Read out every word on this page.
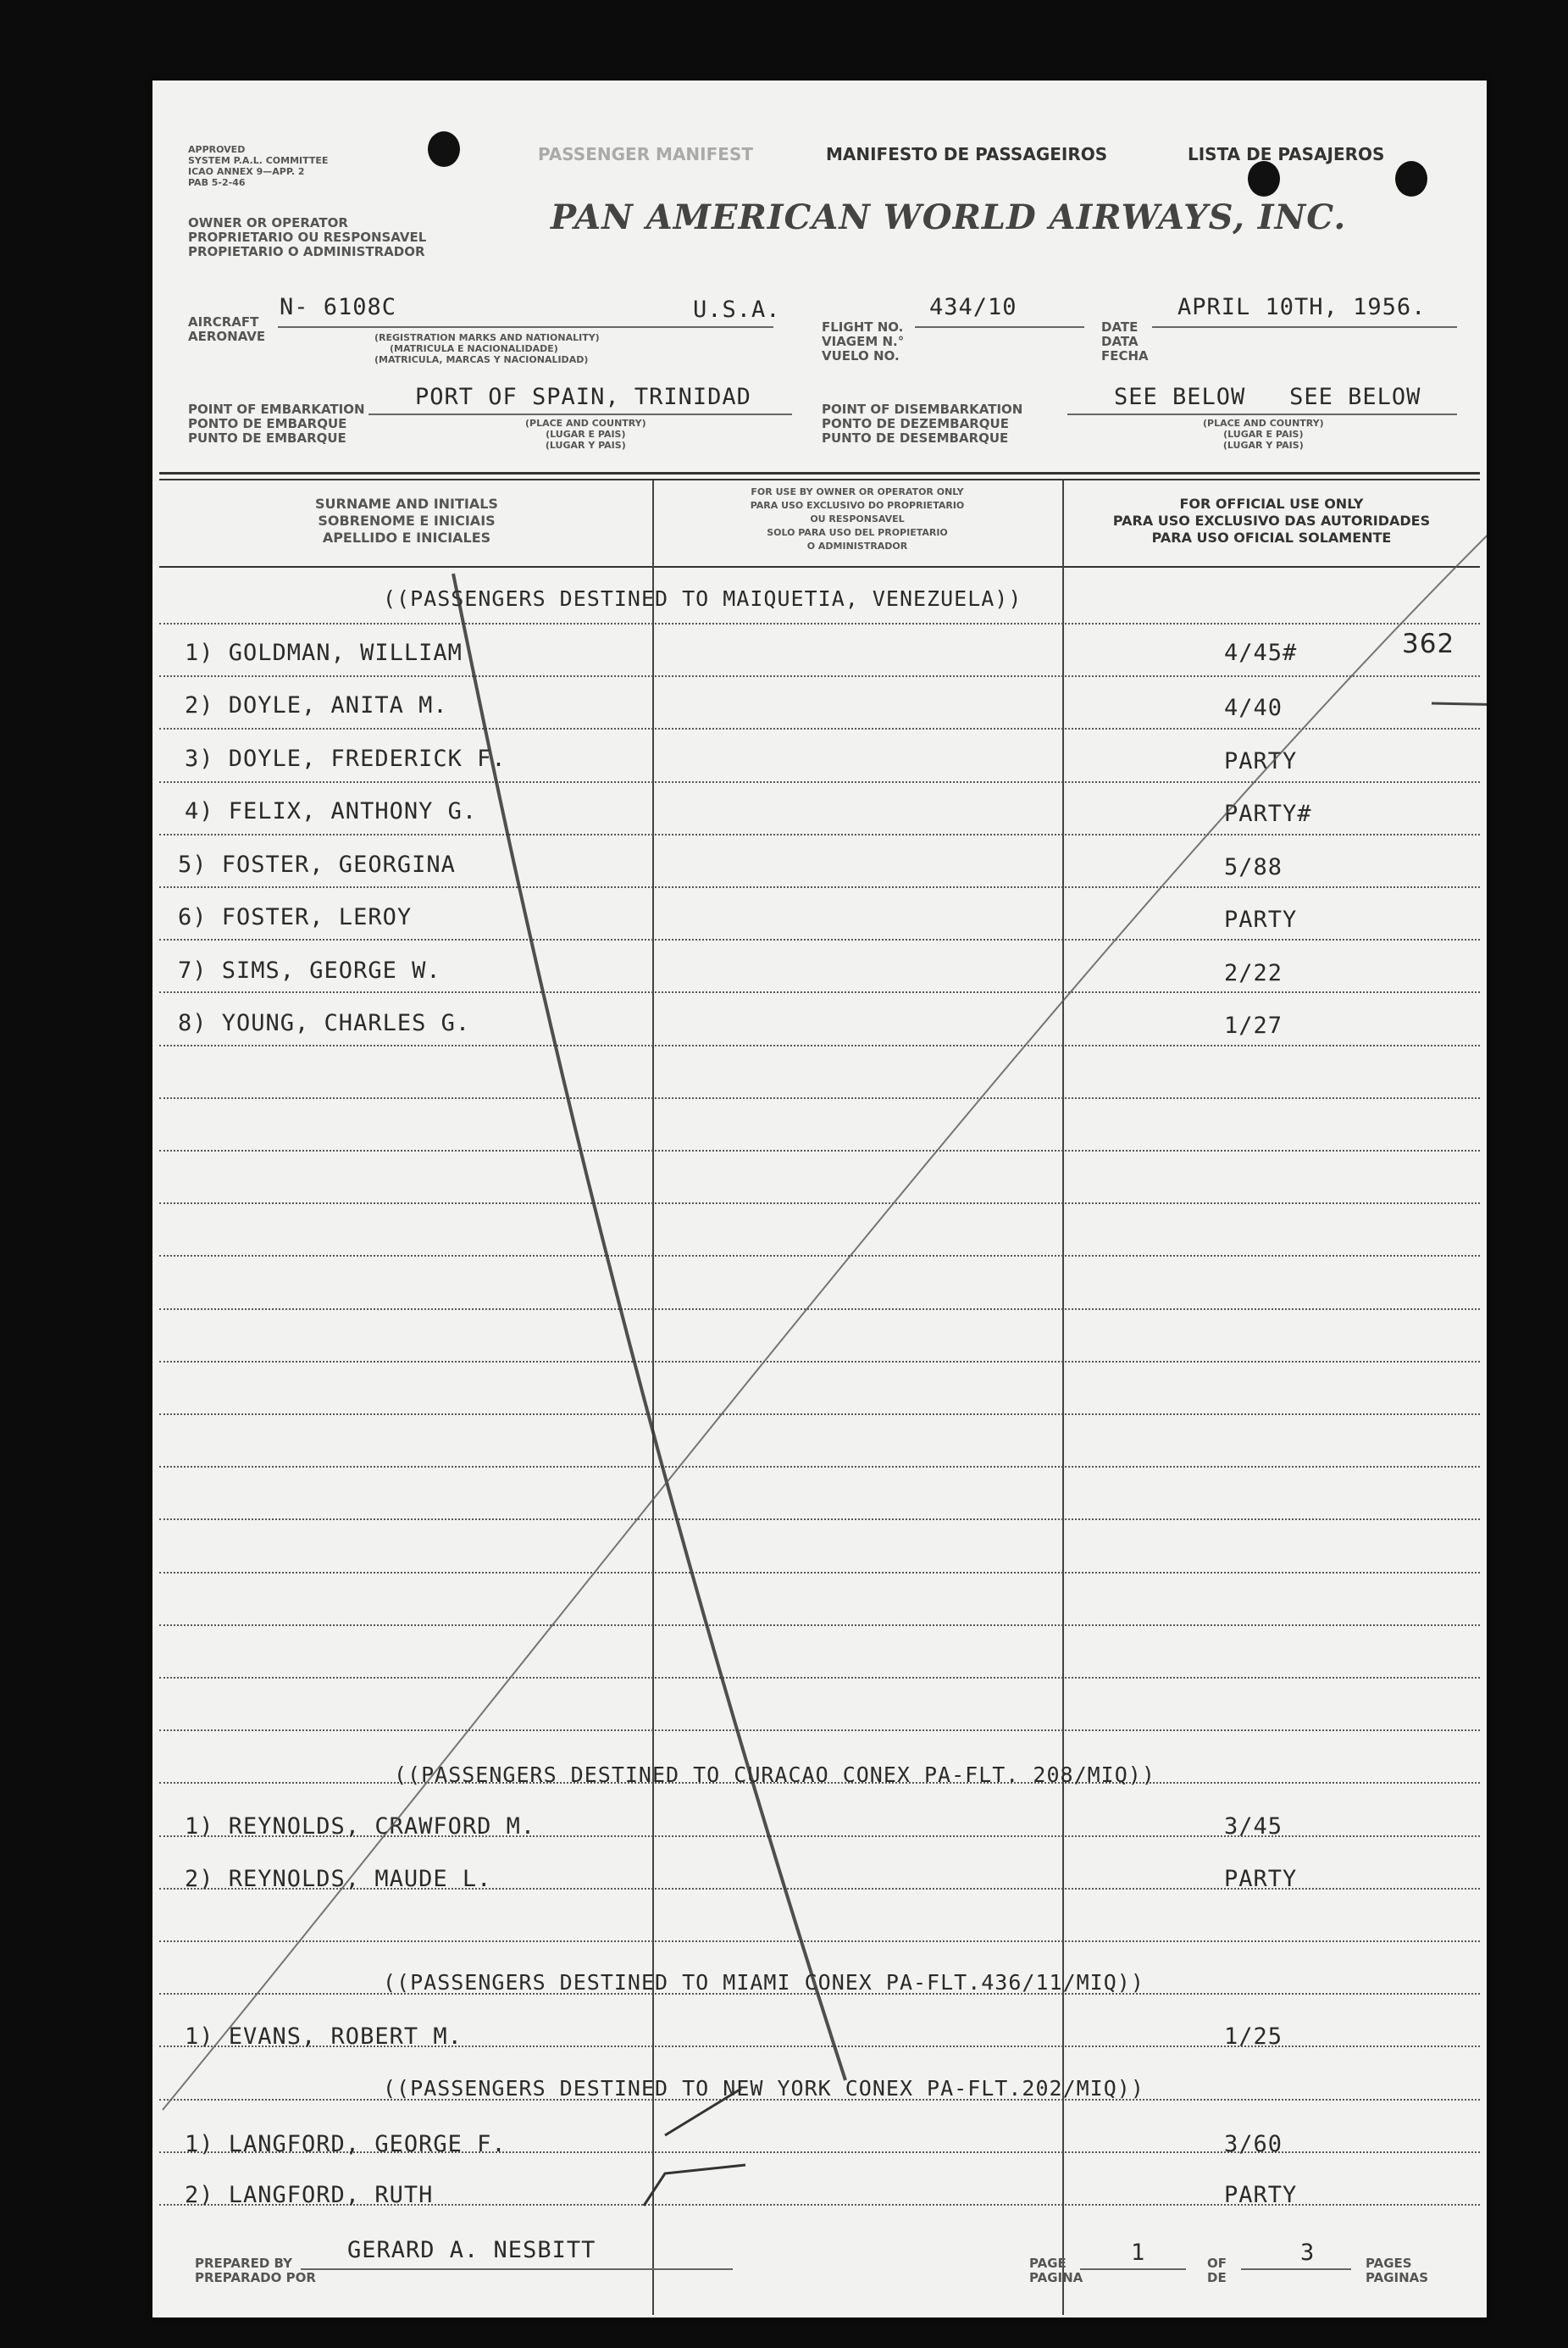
APPROVED
SYSTEM P.A.L. COMMITTEE
ICAO ANNEX 9—APP. 2
PAB 5-2-46
OWNER OR OPERATOR
PROPRIETARIO OU RESPONSAVEL
PROPIETARIO O ADMINISTRADOR
PASSENGER MANIFEST	MANIFESTO DE PASSAGEIROS	LISTA DE PASAJEROS
PAN AMERICAN WORLD AIRWAYS, INC.
AIRCRAFT
AERONAVE
N- 6108C	U.S.A.
(REGISTRATION MARKS AND NATIONALITY)
(MATRICULA E NACIONALIDADE)
(MATRICULA, MARCAS Y NACIONALIDAD)
FLIGHT NO.
VIAGEM N.°
VUELO NO.
434/10
DATE
DATA
FECHA
APRIL 10TH, 1956.
POINT OF EMBARKATION
PONTO DE EMBARQUE
PUNTO DE EMBARQUE
PORT OF SPAIN, TRINIDAD
(PLACE AND COUNTRY)
(LUGAR E PAIS)
(LUGAR Y PAIS)
POINT OF DISEMBARKATION
PONTO DE DEZEMBARQUE
PUNTO DE DESEMBARQUE
SEE BELOW   SEE BELOW
(PLACE AND COUNTRY)
(LUGAR E PAIS)
(LUGAR Y PAIS)
SURNAME AND INITIALS
SOBRENOME E INICIAIS
APELLIDO E INICIALES
FOR USE BY OWNER OR OPERATOR ONLY
PARA USO EXCLUSIVO DO PROPRIETARIO
OU RESPONSAVEL
SOLO PARA USO DEL PROPIETARIO
O ADMINISTRADOR
FOR OFFICIAL USE ONLY
PARA USO EXCLUSIVO DAS AUTORIDADES
PARA USO OFICIAL SOLAMENTE
((PASSENGERS DESTINED TO MAIQUETIA, VENEZUELA))
1) GOLDMAN, WILLIAM	4/45#	362
2) DOYLE, ANITA M.	4/40
3) DOYLE, FREDERICK F.	PARTY
4) FELIX, ANTHONY G.	PARTY#
5) FOSTER, GEORGINA	5/88
6) FOSTER, LEROY	PARTY
7) SIMS, GEORGE W.	2/22
8) YOUNG, CHARLES G.	1/27
((PASSENGERS DESTINED TO CURACAO CONEX PA-FLT. 208/MIQ))
1) REYNOLDS, CRAWFORD M.	3/45
2) REYNOLDS, MAUDE L.	PARTY
((PASSENGERS DESTINED TO MIAMI CONEX PA-FLT.436/11/MIQ))
1) EVANS, ROBERT M.	1/25
((PASSENGERS DESTINED TO NEW YORK CONEX PA-FLT.202/MIQ))
1) LANGFORD, GEORGE F.	3/60
2) LANGFORD, RUTH	PARTY
PREPARED BY
PREPARADO POR
GERARD A. NESBITT	PAGE
PAGINA
1	OF
DE
3	PAGES
PAGINAS
